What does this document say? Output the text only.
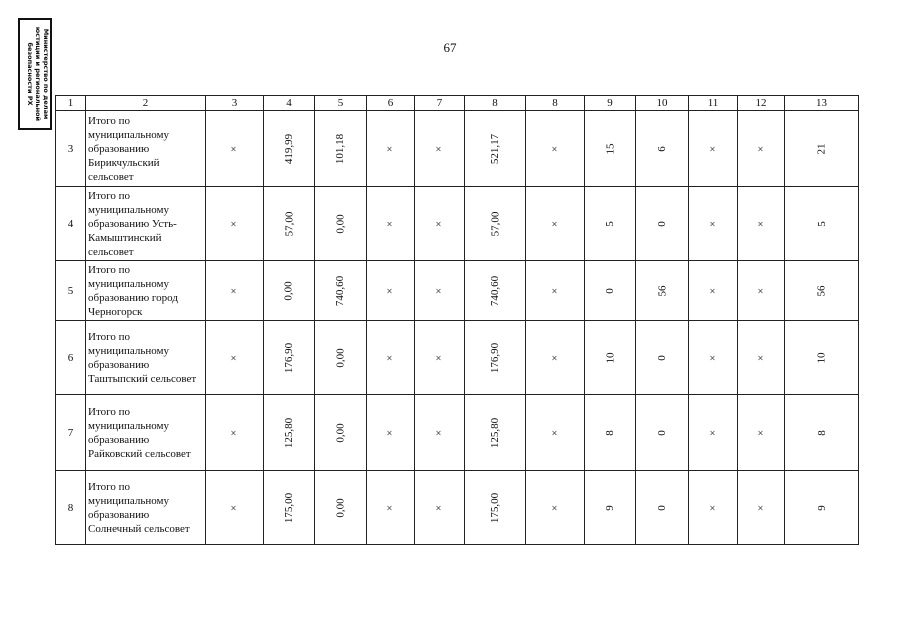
Министерство по делам
юстиции и региональной
безопасности РХ	67
1	2	3	4	5	6	7	8	8	9	10	11	12	13
3	Итого по муниципальному образованию Бирикчульский сельсовет	×	419,99	101,18	×	×	521,17	×	15	6	×	×	21
4	Итого по муниципальному образованию Усть-Камыштинский сельсовет	×	57,00	0,00	×	×	57,00	×	5	0	×	×	5
5	Итого по муниципальному образованию город Черногорск	×	0,00	740,60	×	×	740,60	×	0	56	×	×	56
6	Итого по муниципальному образованию Таштыпский сельсовет	×	176,90	0,00	×	×	176,90	×	10	0	×	×	10
7	Итого по муниципальному образованию Райковский сельсовет	×	125,80	0,00	×	×	125,80	×	8	0	×	×	8
8	Итого по муниципальному образованию Солнечный сельсовет	×	175,00	0,00	×	×	175,00	×	9	0	×	×	9
